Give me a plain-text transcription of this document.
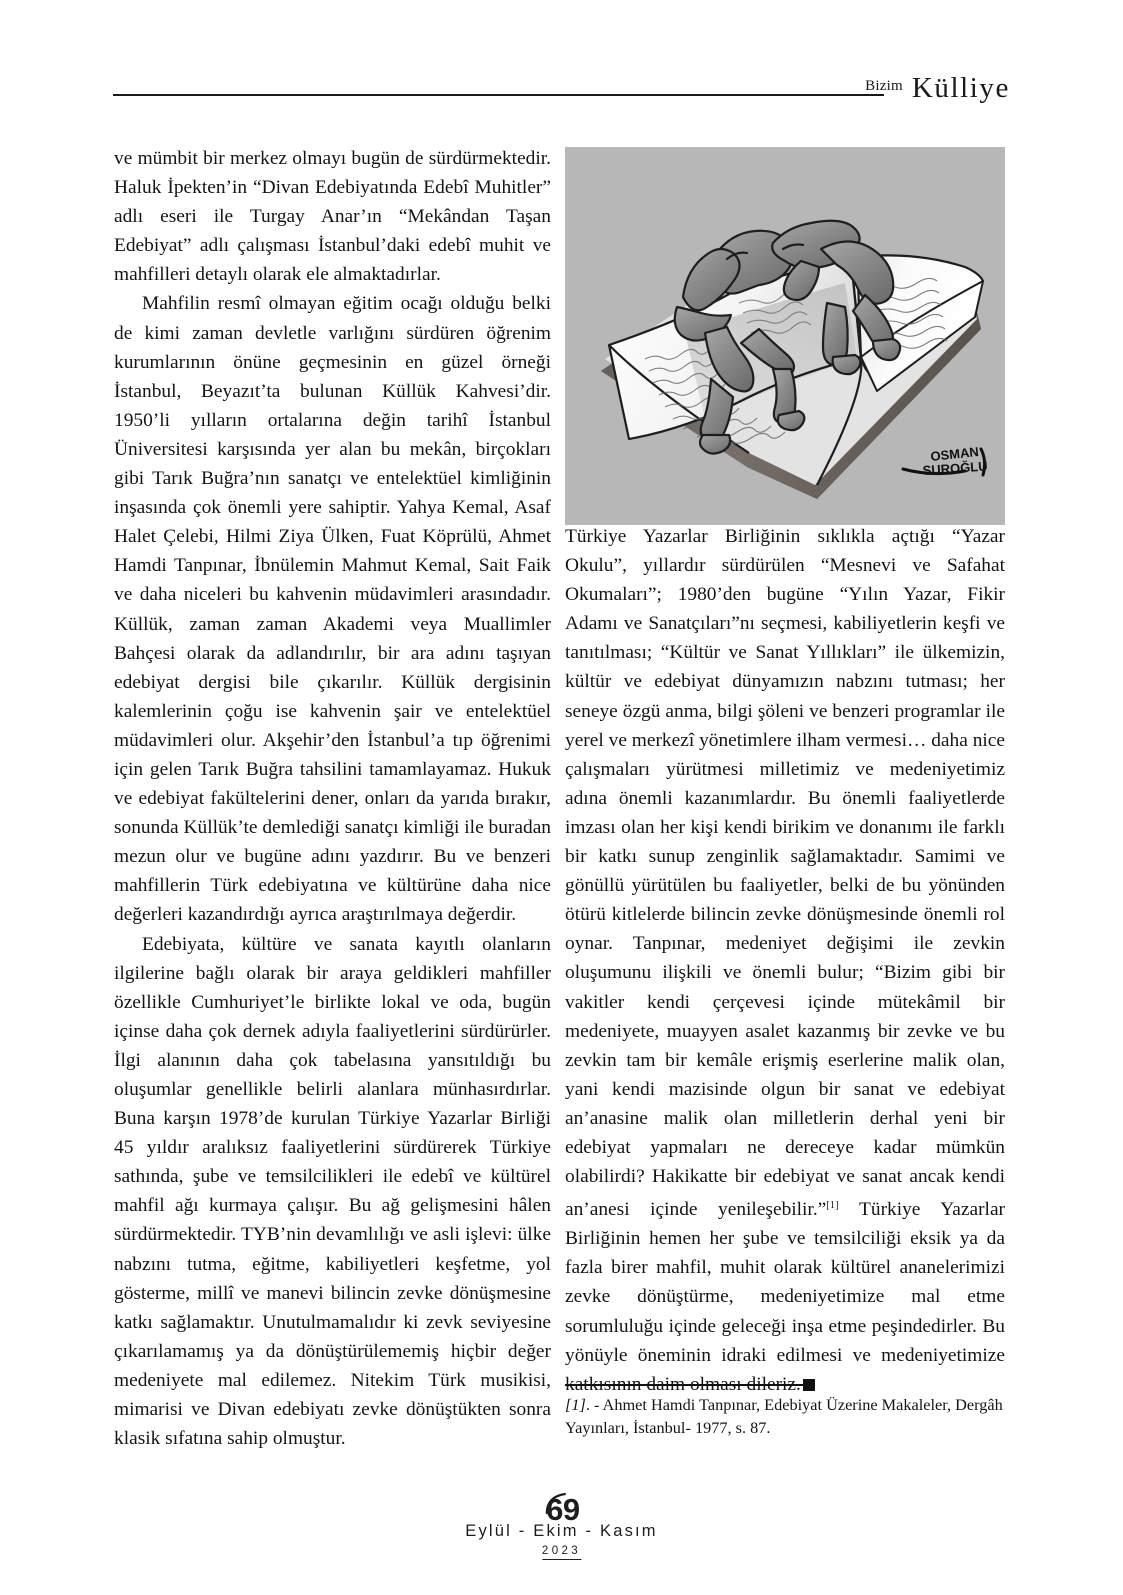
Bizim Külliye
OSMAN
SUROĞLU

ve mümbit bir merkez olmayı bugün de sürdürmektedir. Haluk İpekten’in “Divan Edebiyatında Edebî Muhitler” adlı eseri ile Turgay Anar’ın “Mekândan Taşan Edebiyat” adlı çalışması İstanbul’daki edebî muhit ve mahfilleri detaylı olarak ele almaktadırlar.

Mahfilin resmî olmayan eğitim ocağı olduğu belki de kimi zaman devletle varlığını sürdüren öğrenim kurumlarının önüne geçmesinin en güzel örneği İstanbul, Beyazıt’ta bulunan Küllük Kahvesi’dir. 1950’li yılların ortalarına değin tarihî İstanbul Üniversitesi karşısında yer alan bu mekân, birçokları gibi Tarık Buğra’nın sanatçı ve entelektüel kimliğinin inşasında çok önemli yere sahiptir. Yahya Kemal, Asaf Halet Çelebi, Hilmi Ziya Ülken, Fuat Köprülü, Ahmet Hamdi Tanpınar, İbnülemin Mahmut Kemal, Sait Faik ve daha niceleri bu kahvenin müdavimleri arasındadır. Küllük, zaman zaman Akademi veya Muallimler Bahçesi olarak da adlandırılır, bir ara adını taşıyan edebiyat dergisi bile çıkarılır. Küllük dergisinin kalemlerinin çoğu ise kahvenin şair ve entelektüel müdavimleri olur. Akşehir’den İstanbul’a tıp öğrenimi için gelen Tarık Buğra tahsilini tamamlayamaz. Hukuk ve edebiyat fakültelerini dener, onları da yarıda bırakır, sonunda Küllük’te demlediği sanatçı kimliği ile buradan mezun olur ve bugüne adını yazdırır. Bu ve benzeri mahfillerin Türk edebiyatına ve kültürüne daha nice değerleri kazandırdığı ayrıca araştırılmaya değerdir.

Edebiyata, kültüre ve sanata kayıtlı olanların ilgilerine bağlı olarak bir araya geldikleri mahfiller özellikle Cumhuriyet’le birlikte lokal ve oda, bugün içinse daha çok dernek adıyla faaliyetlerini sürdürürler. İlgi alanının daha çok tabelasına yansıtıldığı bu oluşumlar genellikle belirli alanlara münhasırdırlar. Buna karşın 1978’de kurulan Türkiye Yazarlar Birliği 45 yıldır aralıksız faaliyetlerini sürdürerek Türkiye sathında, şube ve temsilcilikleri ile edebî ve kültürel mahfil ağı kurmaya çalışır. Bu ağ gelişmesini hâlen sürdürmektedir. TYB’nin devamlılığı ve asli işlevi: ülke nabzını tutma, eğitme, kabiliyetleri keşfetme, yol gösterme, millî ve manevi bilincin zevke dönüşmesine katkı sağlamaktır. Unutulmamalıdır ki zevk seviyesine çıkarılamamış ya da dönüştürülememiş hiçbir değer medeniyete mal edilemez. Nitekim Türk musikisi, mimarisi ve Divan edebiyatı zevke dönüştükten sonra klasik sıfatına sahip olmuştur.

Türkiye Yazarlar Birliğinin sıklıkla açtığı “Yazar Okulu”, yıllardır sürdürülen “Mesnevi ve Safahat Okumaları”; 1980’den bugüne “Yılın Yazar, Fikir Adamı ve Sanatçıları”nı seçmesi, kabiliyetlerin keşfi ve tanıtılması; “Kültür ve Sanat Yıllıkları” ile ülkemizin, kültür ve edebiyat dünyamızın nabzını tutması; her seneye özgü anma, bilgi şöleni ve benzeri programlar ile yerel ve merkezî yönetimlere ilham vermesi… daha nice çalışmaları yürütmesi milletimiz ve medeniyetimiz adına önemli kazanımlardır. Bu önemli faaliyetlerde imzası olan her kişi kendi birikim ve donanımı ile farklı bir katkı sunup zenginlik sağlamaktadır. Samimi ve gönüllü yürütülen bu faaliyetler, belki de bu yönünden ötürü kitlelerde bilincin zevke dönüşmesinde önemli rol oynar. Tanpınar, medeniyet değişimi ile zevkin oluşumunu ilişkili ve önemli bulur; “Bizim gibi bir vakitler kendi çerçevesi içinde mütekâmil bir medeniyete, muayyen asalet kazanmış bir zevke ve bu zevkin tam bir kemâle erişmiş eserlerine malik olan, yani kendi mazisinde olgun bir sanat ve edebiyat an’anasine malik olan milletlerin derhal yeni bir edebiyat yapmaları ne dereceye kadar mümkün olabilirdi? Hakikatte bir edebiyat ve sanat ancak kendi an’anesi içinde yenileşebilir.”[1] Türkiye Yazarlar Birliğinin hemen her şube ve temsilciliği eksik ya da fazla birer mahfil, muhit olarak kültürel ananelerimizi zevke dönüştürme, medeniyetimize mal etme sorumluluğu içinde geleceği inşa etme peşindedirler. Bu yönüyle öneminin idraki edilmesi ve medeniyetimize katkısının daim olması dileriz.

[1]. - Ahmet Hamdi Tanpınar, Edebiyat Üzerine Makaleler, Dergâh Yayınları, İstanbul- 1977, s. 87.
69
Eylül - Ekim - Kasım
2023
